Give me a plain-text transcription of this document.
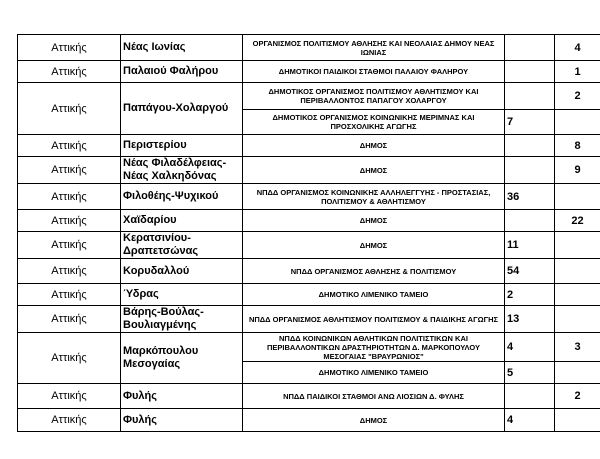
Αττικής	Νέας Ιωνίας	ΟΡΓΑΝΙΣΜΟΣ ΠΟΛΙΤΙΣΜΟΥ ΑΘΛΗΣΗΣ ΚΑΙ ΝΕΟΛΑΙΑΣ ΔΗΜΟΥ ΝΕΑΣ ΙΩΝΙΑΣ		4
Αττικής	Παλαιού Φαλήρου	ΔΗΜΟΤΙΚΟΙ ΠΑΙΔΙΚΟΙ ΣΤΑΘΜΟΙ ΠΑΛΑΙΟΥ ΦΑΛΗΡΟΥ		1
Αττικής	Παπάγου-Χολαργού	ΔΗΜΟΤΙΚΟΣ ΟΡΓΑΝΙΣΜΟΣ ΠΟΛΙΤΙΣΜΟΥ ΑΘΛΗΤΙΣΜΟΥ ΚΑΙ ΠΕΡΙΒΑΛΛΟΝΤΟΣ ΠΑΠΑΓΟΥ ΧΟΛΑΡΓΟΥ		2
		ΔΗΜΟΤΙΚΟΣ ΟΡΓΑΝΙΣΜΟΣ ΚΟΙΝΩΝΙΚΗΣ ΜΕΡΙΜΝΑΣ ΚΑΙ ΠΡΟΣΧΟΛΙΚΗΣ ΑΓΩΓΗΣ	7	
Αττικής	Περιστερίου	ΔΗΜΟΣ		8
Αττικής	Νέας Φιλαδέλφειας-Νέας Χαλκηδόνας	ΔΗΜΟΣ		9
Αττικής	Φιλοθέης-Ψυχικού	ΝΠΔΔ ΟΡΓΑΝΙΣΜΟΣ ΚΟΙΝΩΝΙΚΗΣ ΑΛΛΗΛΕΓΓΥΗΣ - ΠΡΟΣΤΑΣΙΑΣ, ΠΟΛΙΤΙΣΜΟΥ & ΑΘΛΗΤΙΣΜΟΥ	36	
Αττικής	Χαϊδαρίου	ΔΗΜΟΣ		22
Αττικής	Κερατσινίου-Δραπετσώνας	ΔΗΜΟΣ	11	
Αττικής	Κορυδαλλού	ΝΠΔΔ ΟΡΓΑΝΙΣΜΟΣ ΑΘΛΗΣΗΣ & ΠΟΛΙΤΙΣΜΟΥ	54	
Αττικής	Ύδρας	ΔΗΜΟΤΙΚΟ ΛΙΜΕΝΙΚΟ ΤΑΜΕΙΟ	2	
Αττικής	Βάρης-Βούλας-Βουλιαγμένης	ΝΠΔΔ ΟΡΓΑΝΙΣΜΟΣ ΑΘΛΗΤΙΣΜΟΥ ΠΟΛΙΤΙΣΜΟΥ & ΠΑΙΔΙΚΗΣ ΑΓΩΓΗΣ	13	
Αττικής	Μαρκόπουλου Μεσογαίας	ΝΠΔΔ ΚΟΙΝΩΝΙΚΩΝ ΑΘΛΗΤΙΚΩΝ ΠΟΛΙΤΙΣΤΙΚΩΝ ΚΑΙ ΠΕΡΙΒΑΛΛΟΝΤΙΚΩΝ ΔΡΑΣΤΗΡΙΟΤΗΤΩΝ Δ. ΜΑΡΚΟΠΟΥΛΟΥ ΜΕΣΟΓΑΙΑΣ "ΒΡΑΥΡΩΝΙΟΣ"	4	3
		ΔΗΜΟΤΙΚΟ ΛΙΜΕΝΙΚΟ ΤΑΜΕΙΟ	5	
Αττικής	Φυλής	ΝΠΔΔ ΠΑΙΔΙΚΟΙ ΣΤΑΘΜΟΙ ΑΝΩ ΛΙΟΣΙΩΝ Δ. ΦΥΛΗΣ		2
Αττικής	Φυλής	ΔΗΜΟΣ	4	
